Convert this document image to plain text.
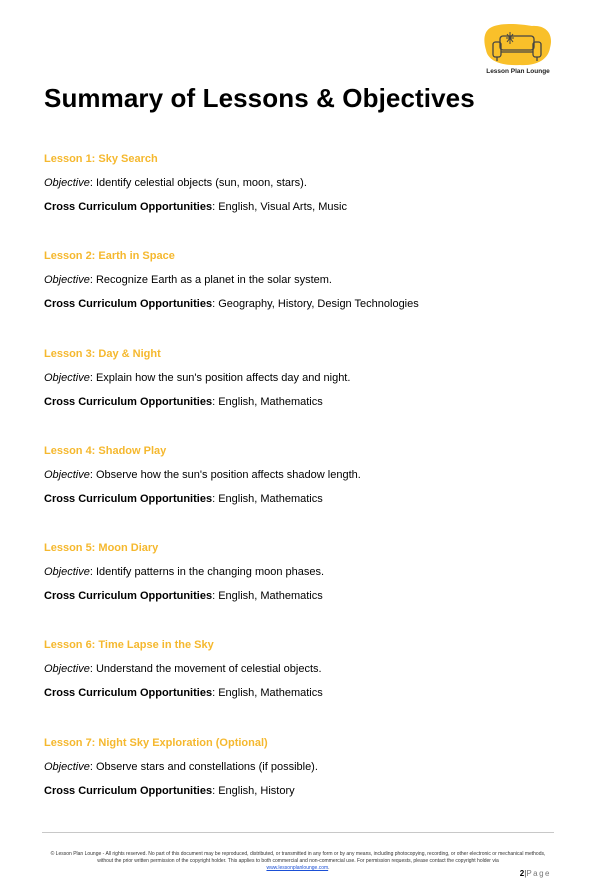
Lesson Plan Lounge
Summary of Lessons & Objectives
Lesson 1: Sky Search
Objective: Identify celestial objects (sun, moon, stars).
Cross Curriculum Opportunities: English, Visual Arts, Music
Lesson 2: Earth in Space
Objective: Recognize Earth as a planet in the solar system.
Cross Curriculum Opportunities: Geography, History, Design Technologies
Lesson 3: Day & Night
Objective: Explain how the sun's position affects day and night.
Cross Curriculum Opportunities: English, Mathematics
Lesson 4: Shadow Play
Objective: Observe how the sun's position affects shadow length.
Cross Curriculum Opportunities: English, Mathematics
Lesson 5: Moon Diary
Objective: Identify patterns in the changing moon phases.
Cross Curriculum Opportunities: English, Mathematics
Lesson 6: Time Lapse in the Sky
Objective: Understand the movement of celestial objects.
Cross Curriculum Opportunities: English, Mathematics
Lesson 7: Night Sky Exploration (Optional)
Objective: Observe stars and constellations (if possible).
Cross Curriculum Opportunities: English, History
© Lesson Plan Lounge - All rights reserved. No part of this document may be reproduced, distributed, or transmitted in any form or by any means, including photocopying, recording, or other electronic or mechanical methods, without the prior written permission of the copyright holder. This applies to both commercial and non-commercial use. For permission requests, please contact the copyright holder via
www.lessonplanlounge.com.
2|Page
